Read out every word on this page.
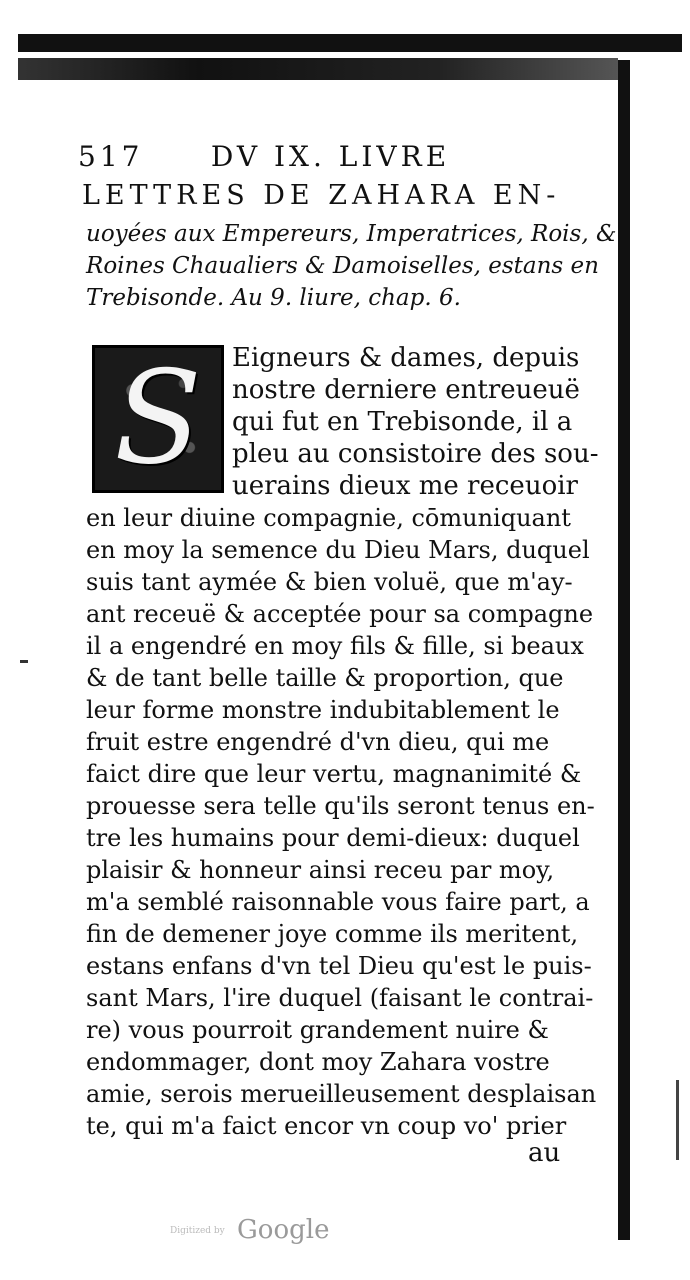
517 DV IX. LIVRE
LETTRES DE ZAHARA EN-
uoyées aux Empereurs, Imperatrices, Rois, &
Roines Chaualiers & Damoiselles, estans en
Trebisonde. Au 9. liure, chap. 6.
S Eigneurs & dames, depuis
nostre derniere entreueuë
qui fut en Trebisonde, il a
pleu au consistoire des sou-
uerains dieux me receuoir
en leur diuine compagnie, cōmuniquant
en moy la semence du Dieu Mars, duquel
suis tant aymée & bien voluë, que m'ay-
ant receuë & acceptée pour sa compagne
il a engendré en moy fils & fille, si beaux
& de tant belle taille & proportion, que
leur forme monstre indubitablement le
fruit estre engendré d'vn dieu, qui me
faict dire que leur vertu, magnanimité &
prouesse sera telle qu'ils seront tenus en-
tre les humains pour demi-dieux: duquel
plaisir & honneur ainsi receu par moy,
m'a semblé raisonnable vous faire part, a
fin de demener joye comme ils meritent,
estans enfans d'vn tel Dieu qu'est le puis-
sant Mars, l'ire duquel (faisant le contrai-
re) vous pourroit grandement nuire &
endommager, dont moy Zahara vostre
amie, serois merueilleusement desplaisan
te, qui m'a faict encor vn coup vo' prier
au
Digitized by Google
